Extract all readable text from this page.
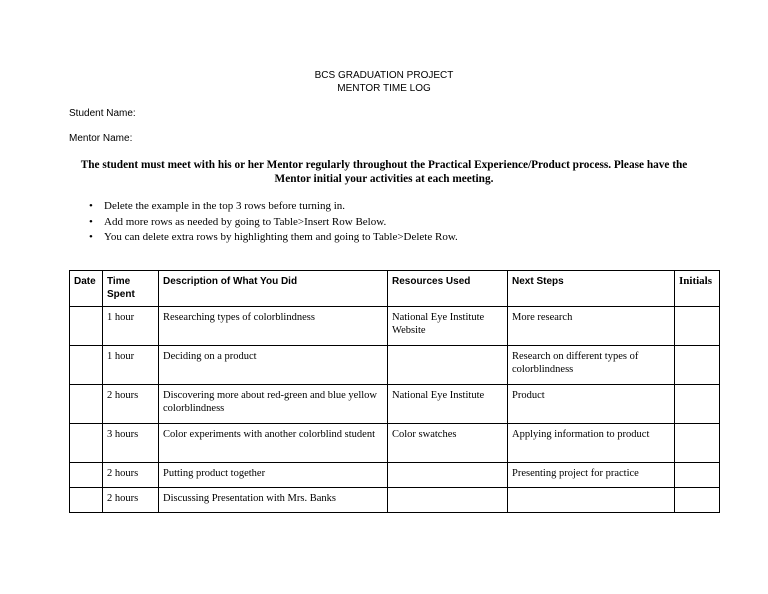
BCS GRADUATION PROJECT
MENTOR TIME LOG
Student Name:
Mentor Name:
The student must meet with his or her Mentor regularly throughout the Practical Experience/Product process. Please have the
Mentor initial your activities at each meeting.
• Delete the example in the top 3 rows before turning in.
• Add more rows as needed by going to Table>Insert Row Below.
• You can delete extra rows by highlighting them and going to Table>Delete Row.
Date	Time Spent	Description of What You Did	Resources Used	Next Steps	Initials
	1 hour	Researching types of colorblindness	National Eye Institute Website	More research	
	1 hour	Deciding on a product		Research on different types of colorblindness	
	2 hours	Discovering more about red-green and blue yellow colorblindness	National Eye Institute	Product	
	3 hours	Color experiments with another colorblind student	Color swatches	Applying information to product	
	2 hours	Putting product together		Presenting project for practice	
	2 hours	Discussing Presentation with Mrs. Banks			
